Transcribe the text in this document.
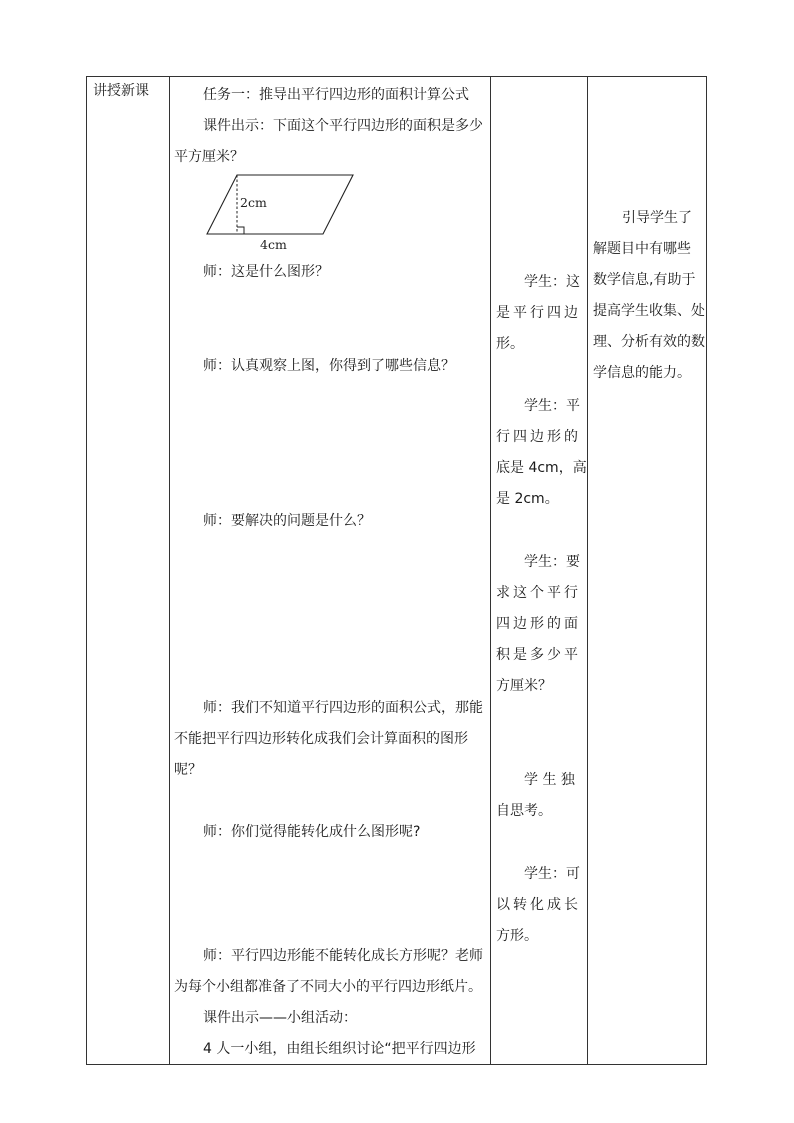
讲授新课	任务一：推导出平行四边形的面积计算公式
课件出示：下面这个平行四边形的面积是多少
平方厘米？
2cm
4cm
师：这是什么图形？
师：认真观察上图，你得到了哪些信息？
师：要解决的问题是什么？
师：我们不知道平行四边形的面积公式，那能
不能把平行四边形转化成我们会计算面积的图形
呢？
师：你们觉得能转化成什么图形呢?
师：平行四边形能不能转化成长方形呢？老师
为每个小组都准备了不同大小的平行四边形纸片。
课件出示——小组活动：
4 人一小组，由组长组织讨论“把平行四边形
学生：这
是平行四边
形。
学生：平
行四边形的
底是 4cm，高
是 2cm。
学生：要
求这个平行
四边形的面
积是多少平
方厘米？
学 生 独
自思考。
学生：可
以转化成长
方形。
引导学生了
解题目中有哪些
数学信息,有助于
提高学生收集、处
理、分析有效的数
学信息的能力。
